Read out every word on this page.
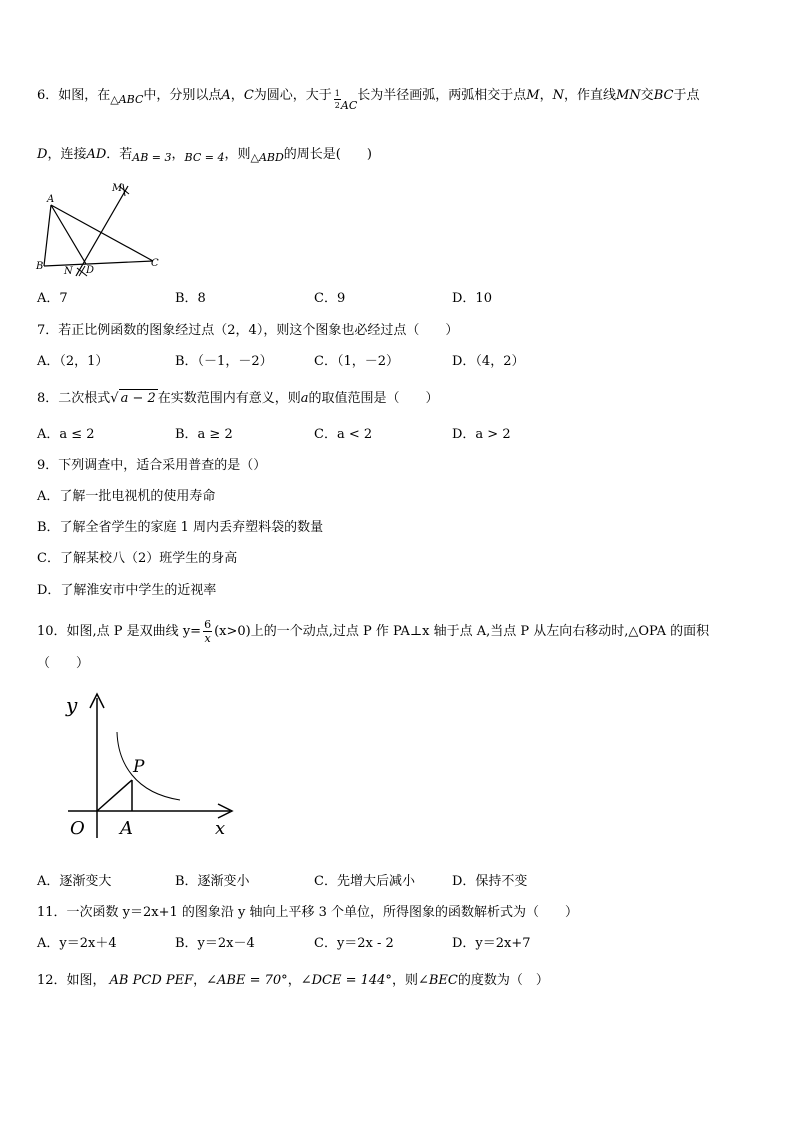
6．如图，在$_{\triangle ABC}$中，分别以点A，C为圆心，大于 $\frac{1}{2} _{AC}$长为半径画弧，两弧相交于点M，N，作直线MN交BC于点
D，连接AD．若$_{AB = 3}$，$_{BC = 4}$，则$_{\triangle ABD}$的周长是(　　)
A
M
B N D
C
A．7	B．8	C．9	D．10
7．若正比例函数的图象经过点（2，4），则这个图象也必经过点（　　）
A．（2，1）	B．（－1，－2）	C．（1，－2）	D．（4，2）
8．二次根式√ a − 2 在实数范围内有意义，则a的取值范围是（　　）
A．a ≤ 2	B．a ≥ 2	C．a < 2	D．a > 2
9．下列调查中，适合采用普查的是（）
A．了解一批电视机的使用寿命
B．了解全省学生的家庭 1 周内丢弃塑料袋的数量
C．了解某校八（2）班学生的身高
D．了解淮安市中学生的近视率
10．如图,点 P 是双曲线 $y= \frac{6}{x} (x>0)$上的一个动点,过点 P 作 PA⊥x 轴于点 A,当点 P 从左向右移动时,△OPA 的面积
（　　）
y
P
O A	x
A．逐渐变大	B．逐渐变小	C．先增大后减小	D．保持不变
11．一次函数 y＝2x+1 的图象沿 y 轴向上平移 3 个单位，所得图象的函数解析式为（　　）
A．y＝2x＋4	B．y＝2x－4	C．y＝2x - 2	D．y＝2x+7
12．如图， AB PCD PEF，∠ABE = 70°，∠DCE = 144°，则∠BEC的度数为（　）
